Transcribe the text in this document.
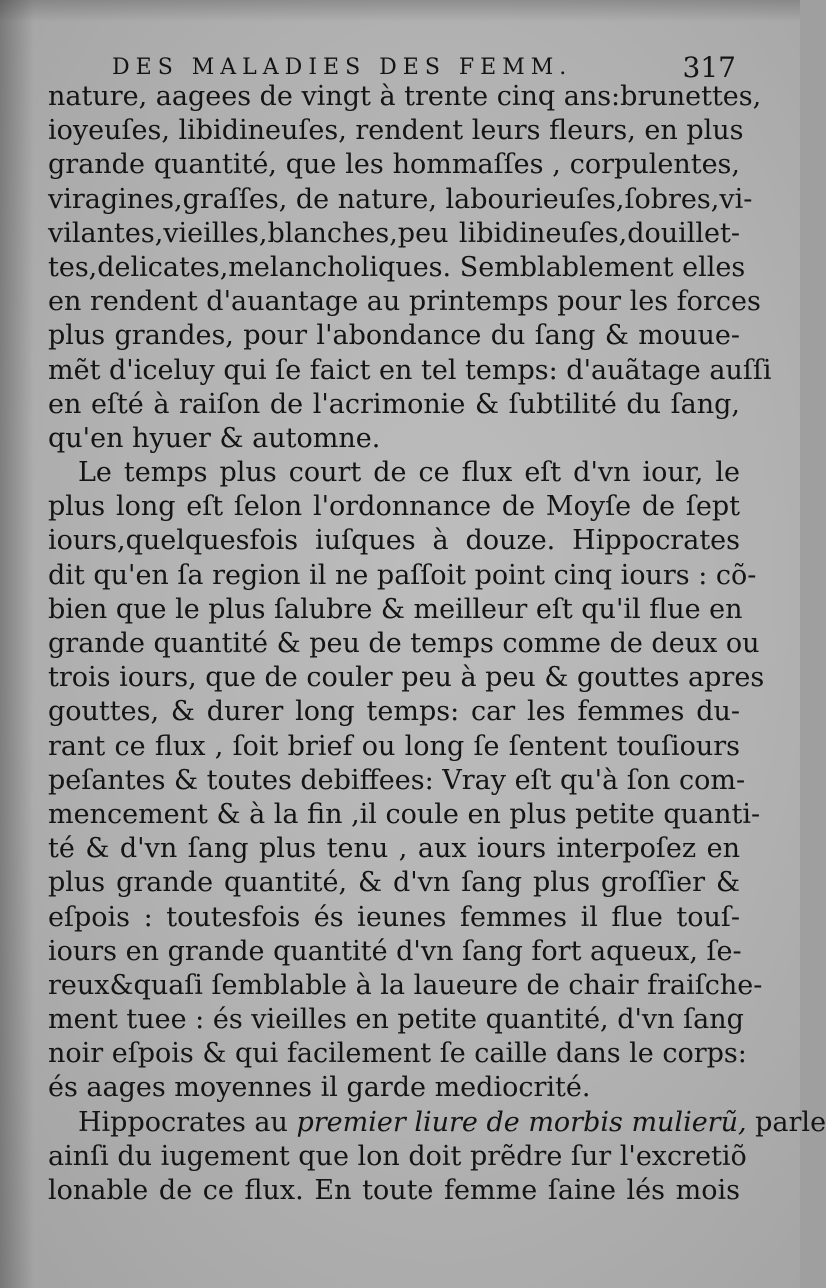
DES MALADIES DES FEMM.	317
nature, aagees de vingt à trente cinq ans:brunettes,
ioyeuſes, libidineuſes, rendent leurs fleurs, en plus
grande quantité, que les hommaſſes , corpulentes,
viragines,graſſes, de nature, labourieuſes,ſobres,vi-
vilantes,vieilles,blanches,peu libidineuſes,douillet-
tes,delicates,melancholiques. Semblablement elles
en rendent d'auantage au printemps pour les forces
plus grandes, pour l'abondance du ſang & mouue-
mẽt d'iceluy qui ſe faict en tel temps: d'auãtage auſſi
en eſté à raiſon de l'acrimonie & ſubtilité du ſang,
qu'en hyuer & automne.
Le temps plus court de ce flux eſt d'vn iour, le
plus long eſt ſelon l'ordonnance de Moyſe de ſept
iours,quelquesfois iuſques à douze. Hippocrates
dit qu'en ſa region il ne paſſoit point cinq iours : cõ-
bien que le plus ſalubre & meilleur eſt qu'il flue en
grande quantité & peu de temps comme de deux ou
trois iours, que de couler peu à peu & gouttes apres
gouttes, & durer long temps: car les femmes du-
rant ce flux , ſoit brief ou long ſe ſentent touſiours
peſantes & toutes debiffees: Vray eſt qu'à ſon com-
mencement & à la fin ,il coule en plus petite quanti-
té & d'vn ſang plus tenu , aux iours interpoſez en
plus grande quantité, & d'vn ſang plus groſſier &
eſpois : toutesfois és ieunes femmes il flue touſ-
iours en grande quantité d'vn ſang fort aqueux, ſe-
reux&quaſi ſemblable à la laueure de chair fraiſche-
ment tuee : és vieilles en petite quantité, d'vn ſang
noir eſpois & qui facilement ſe caille dans le corps:
és aages moyennes il garde mediocrité.
Hippocrates au premier liure de morbis mulierũ, parle
ainſi du iugement que lon doit prẽdre ſur l'excretiõ
lonable de ce flux. En toute femme ſaine lés mois
